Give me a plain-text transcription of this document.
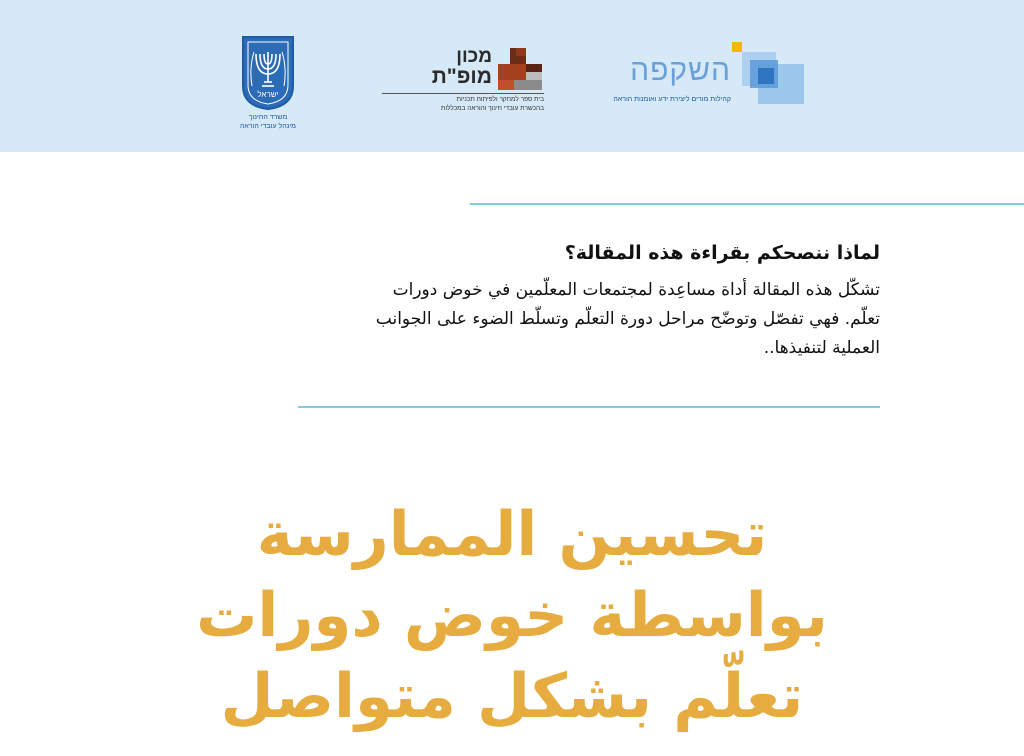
ישראל
משרד החינוך
מינהל עובדי הוראה
מכון
מופ"ת
בית ספר למחקר ולפיתוח תכניות
בהכשרת עובדי חינוך והוראה במכללות
השקפה
קהילות מורים ליצירת ידע ואומנות הוראה
لماذا ننصحكم بقراءة هذه المقالة؟
تشكّل هذه المقالة أداة مساعِدة لمجتمعات المعلّمين في خوض دورات تعلّم. فهي تفصّل وتوضّح مراحل دورة التعلّم وتسلّط الضوء على الجوانب العملية لتنفيذها..
تحسين الممارسة
بواسطة خوض دورات
تعلّم بشكل متواصل
